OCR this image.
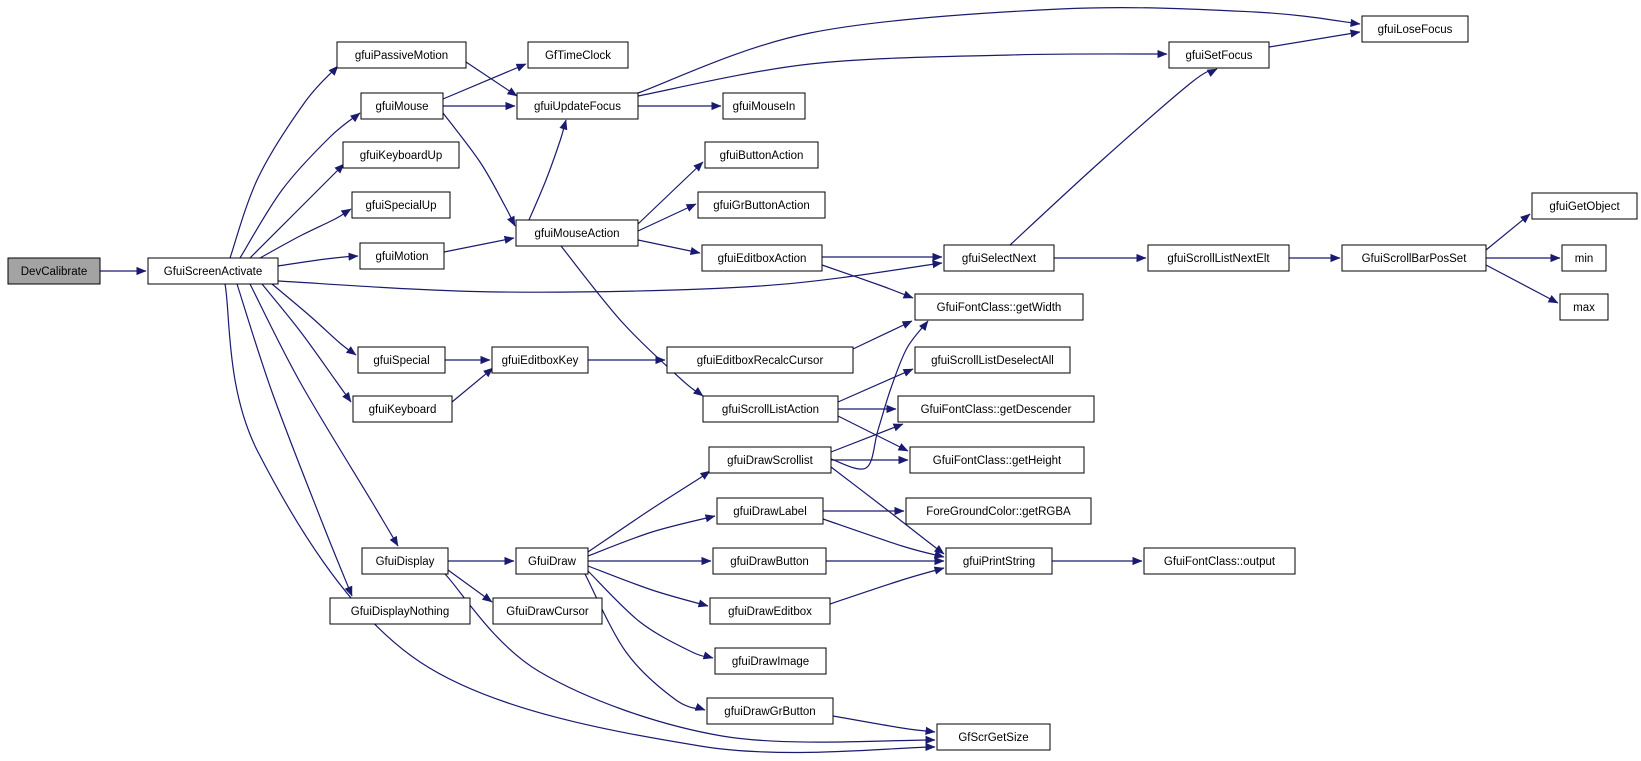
DevCalibrate	GfuiScreenActivate
gfuiPassiveMotion
gfuiMouse
gfuiKeyboardUp
gfuiSpecialUp
gfuiMotion
gfuiSpecial
gfuiKeyboard
GfuiDisplay
GfuiDisplayNothing
GfTimeClock
gfuiUpdateFocus
gfuiMouseAction
gfuiEditboxKey
GfuiDraw
GfuiDrawCursor
gfuiMouseIn
gfuiButtonAction
gfuiGrButtonAction
gfuiEditboxAction
gfuiEditboxRecalcCursor
gfuiScrollListAction
gfuiDrawScrollist
gfuiDrawLabel
gfuiDrawButton
gfuiDrawEditbox
gfuiDrawImage
gfuiDrawGrButton
GfuiFontClass::getWidth
gfuiScrollListDeselectAll
GfuiFontClass::getDescender
GfuiFontClass::getHeight
ForeGroundColor::getRGBA
gfuiPrintString
gfuiSelectNext
GfScrGetSize
gfuiSetFocus
gfuiScrollListNextElt
GfuiFontClass::output
gfuiLoseFocus
GfuiScrollBarPosSet
gfuiGetObject
min
max
